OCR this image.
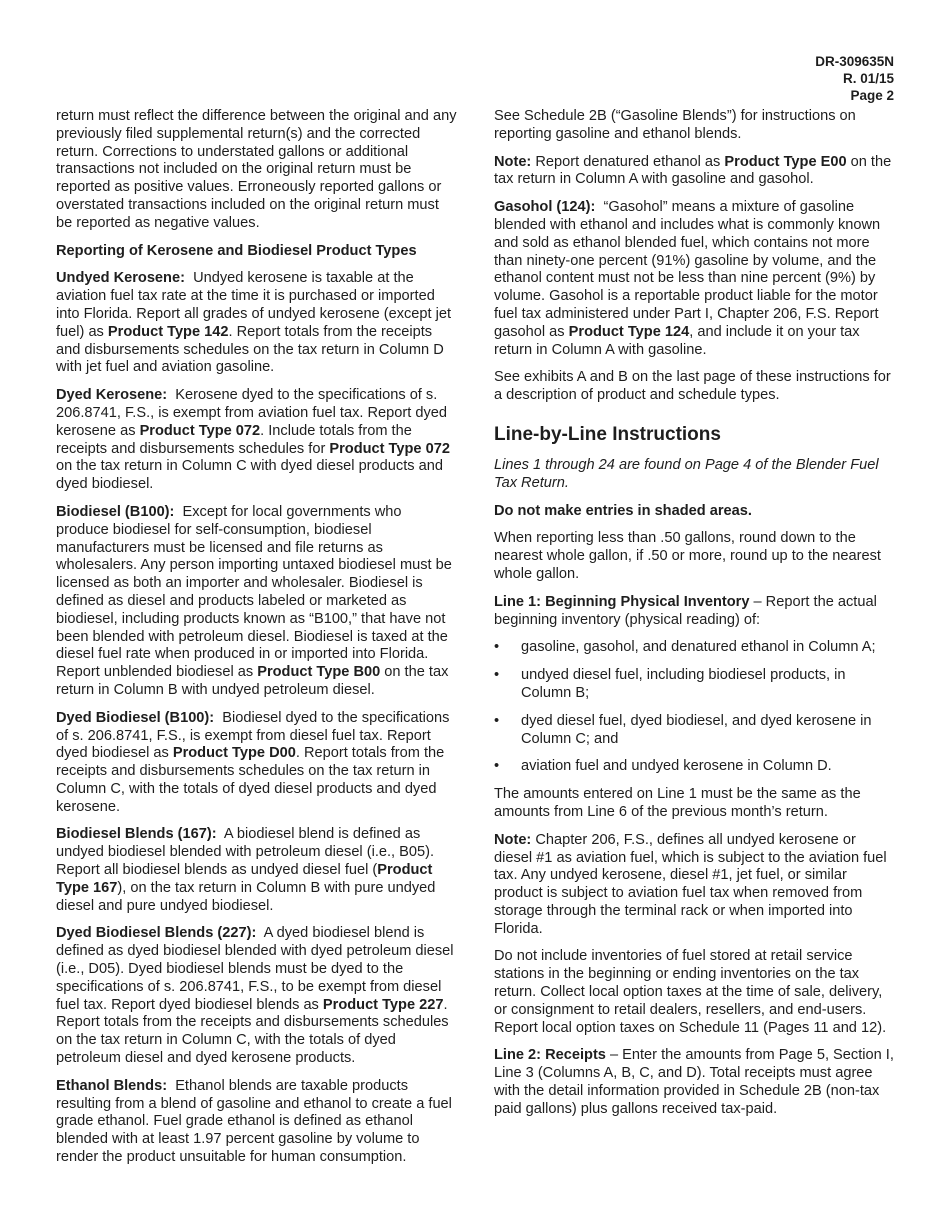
DR-309635N
R. 01/15
Page 2

return must reflect the difference between the original and any previously filed supplemental return(s) and the corrected return. Corrections to understated gallons or additional transactions not included on the original return must be reported as positive values. Erroneously reported gallons or overstated transactions included on the original return must be reported as negative values.

Reporting of Kerosene and Biodiesel Product Types

Undyed Kerosene: Undyed kerosene is taxable at the aviation fuel tax rate at the time it is purchased or imported into Florida. Report all grades of undyed kerosene (except jet fuel) as Product Type 142. Report totals from the receipts and disbursements schedules on the tax return in Column D with jet fuel and aviation gasoline.

Dyed Kerosene: Kerosene dyed to the specifications of s. 206.8741, F.S., is exempt from aviation fuel tax. Report dyed kerosene as Product Type 072. Include totals from the receipts and disbursements schedules for Product Type 072 on the tax return in Column C with dyed diesel products and dyed biodiesel.

Biodiesel (B100): Except for local governments who produce biodiesel for self-consumption, biodiesel manufacturers must be licensed and file returns as wholesalers. Any person importing untaxed biodiesel must be licensed as both an importer and wholesaler. Biodiesel is defined as diesel and products labeled or marketed as biodiesel, including products known as “B100,” that have not been blended with petroleum diesel. Biodiesel is taxed at the diesel fuel rate when produced in or imported into Florida. Report unblended biodiesel as Product Type B00 on the tax return in Column B with undyed petroleum diesel.

Dyed Biodiesel (B100): Biodiesel dyed to the specifications of s. 206.8741, F.S., is exempt from diesel fuel tax. Report dyed biodiesel as Product Type D00. Report totals from the receipts and disbursements schedules on the tax return in Column C, with the totals of dyed diesel products and dyed kerosene.

Biodiesel Blends (167): A biodiesel blend is defined as undyed biodiesel blended with petroleum diesel (i.e., B05). Report all biodiesel blends as undyed diesel fuel (Product Type 167), on the tax return in Column B with pure undyed diesel and pure undyed biodiesel.

Dyed Biodiesel Blends (227): A dyed biodiesel blend is defined as dyed biodiesel blended with dyed petroleum diesel (i.e., D05). Dyed biodiesel blends must be dyed to the specifications of s. 206.8741, F.S., to be exempt from diesel fuel tax. Report dyed biodiesel blends as Product Type 227. Report totals from the receipts and disbursements schedules on the tax return in Column C, with the totals of dyed petroleum diesel and dyed kerosene products.

Ethanol Blends: Ethanol blends are taxable products resulting from a blend of gasoline and ethanol to create a fuel grade ethanol. Fuel grade ethanol is defined as ethanol blended with at least 1.97 percent gasoline by volume to render the product unsuitable for human consumption.

See Schedule 2B (“Gasoline Blends”) for instructions on reporting gasoline and ethanol blends.

Note: Report denatured ethanol as Product Type E00 on the tax return in Column A with gasoline and gasohol.

Gasohol (124): “Gasohol” means a mixture of gasoline blended with ethanol and includes what is commonly known and sold as ethanol blended fuel, which contains not more than ninety-one percent (91%) gasoline by volume, and the ethanol content must not be less than nine percent (9%) by volume. Gasohol is a reportable product liable for the motor fuel tax administered under Part I, Chapter 206, F.S. Report gasohol as Product Type 124, and include it on your tax return in Column A with gasoline.

See exhibits A and B on the last page of these instructions for a description of product and schedule types.

Line-by-Line Instructions

Lines 1 through 24 are found on Page 4 of the Blender Fuel Tax Return.

Do not make entries in shaded areas.

When reporting less than .50 gallons, round down to the nearest whole gallon, if .50 or more, round up to the nearest whole gallon.

Line 1: Beginning Physical Inventory – Report the actual beginning inventory (physical reading) of:

• gasoline, gasohol, and denatured ethanol in Column A;
• undyed diesel fuel, including biodiesel products, in Column B;
• dyed diesel fuel, dyed biodiesel, and dyed kerosene in Column C; and
• aviation fuel and undyed kerosene in Column D.

The amounts entered on Line 1 must be the same as the amounts from Line 6 of the previous month’s return.

Note: Chapter 206, F.S., defines all undyed kerosene or diesel #1 as aviation fuel, which is subject to the aviation fuel tax. Any undyed kerosene, diesel #1, jet fuel, or similar product is subject to aviation fuel tax when removed from storage through the terminal rack or when imported into Florida.

Do not include inventories of fuel stored at retail service stations in the beginning or ending inventories on the tax return. Collect local option taxes at the time of sale, delivery, or consignment to retail dealers, resellers, and end-users. Report local option taxes on Schedule 11 (Pages 11 and 12).

Line 2: Receipts – Enter the amounts from Page 5, Section I, Line 3 (Columns A, B, C, and D). Total receipts must agree with the detail information provided in Schedule 2B (non-tax paid gallons) plus gallons received tax-paid.
